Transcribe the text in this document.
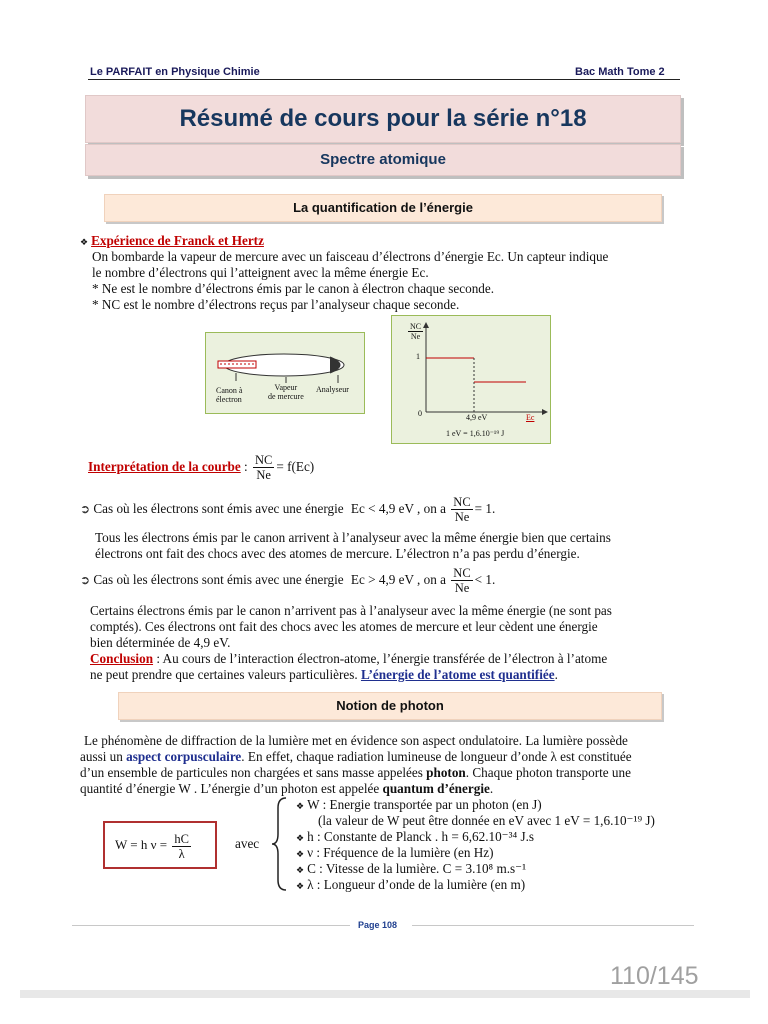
Le PARFAIT en Physique Chimie	Bac Math Tome 2
Résumé de cours pour la série n°18
Spectre atomique
La quantification de l’énergie
❖ Expérience de Franck et Hertz
On bombarde la vapeur de mercure avec un faisceau d’électrons d’énergie Ec. Un capteur indique
le nombre d’électrons qui l’atteignent avec la même énergie Ec.
* Ne est le nombre d’électrons émis par le canon à électron chaque seconde.
* NC est le nombre d’électrons reçus par l’analyseur chaque seconde.
Canon à
électron
Vapeur
de mercure
Analyseur
$\frac{NC}{Ne}$
1
0	4,9 eV	Ec
1 eV = 1,6.10⁻¹⁹ J
Interprétation de la courbe : $\frac{NC}{Ne} = f(Ec)$
➲ Cas où les électrons sont émis avec une énergie Ec < 4,9 eV , on a $\frac{NC}{Ne} = 1$.
Tous les électrons émis par le canon arrivent à l’analyseur avec la même énergie bien que certains
électrons ont fait des chocs avec des atomes de mercure. L’électron n’a pas perdu d’énergie.
➲ Cas où les électrons sont émis avec une énergie Ec > 4,9 eV , on a $\frac{NC}{Ne} < 1$.
Certains électrons émis par le canon n’arrivent pas à l’analyseur avec la même énergie (ne sont pas
comptés). Ces électrons ont fait des chocs avec les atomes de mercure et leur cèdent une énergie
bien déterminée de 4,9 eV.
Conclusion : Au cours de l’interaction électron-atome, l’énergie transférée de l’électron à l’atome
ne peut prendre que certaines valeurs particulières. L’énergie de l’atome est quantifiée.
Notion de photon
Le phénomène de diffraction de la lumière met en évidence son aspect ondulatoire. La lumière possède
aussi un aspect corpusculaire. En effet, chaque radiation lumineuse de longueur d’onde λ est constituée
d’un ensemble de particules non chargées et sans masse appelées photon. Chaque photon transporte une
quantité d’énergie W . L’énergie d’un photon est appelée quantum d’énergie.
W = h $\nu = \frac{hC}{\lambda}$	avec
❖ W : Energie transportée par un photon (en J)
(la valeur de W peut être donnée en eV avec 1 eV = 1,6.10⁻¹⁹ J)
❖ h : Constante de Planck . h = 6,62.10⁻³⁴ J.s
❖ ν : Fréquence de la lumière (en Hz)
❖ C : Vitesse de la lumière. C = 3.10⁸ m.s⁻¹
❖ λ : Longueur d’onde de la lumière (en m)
Page 108
110/145
